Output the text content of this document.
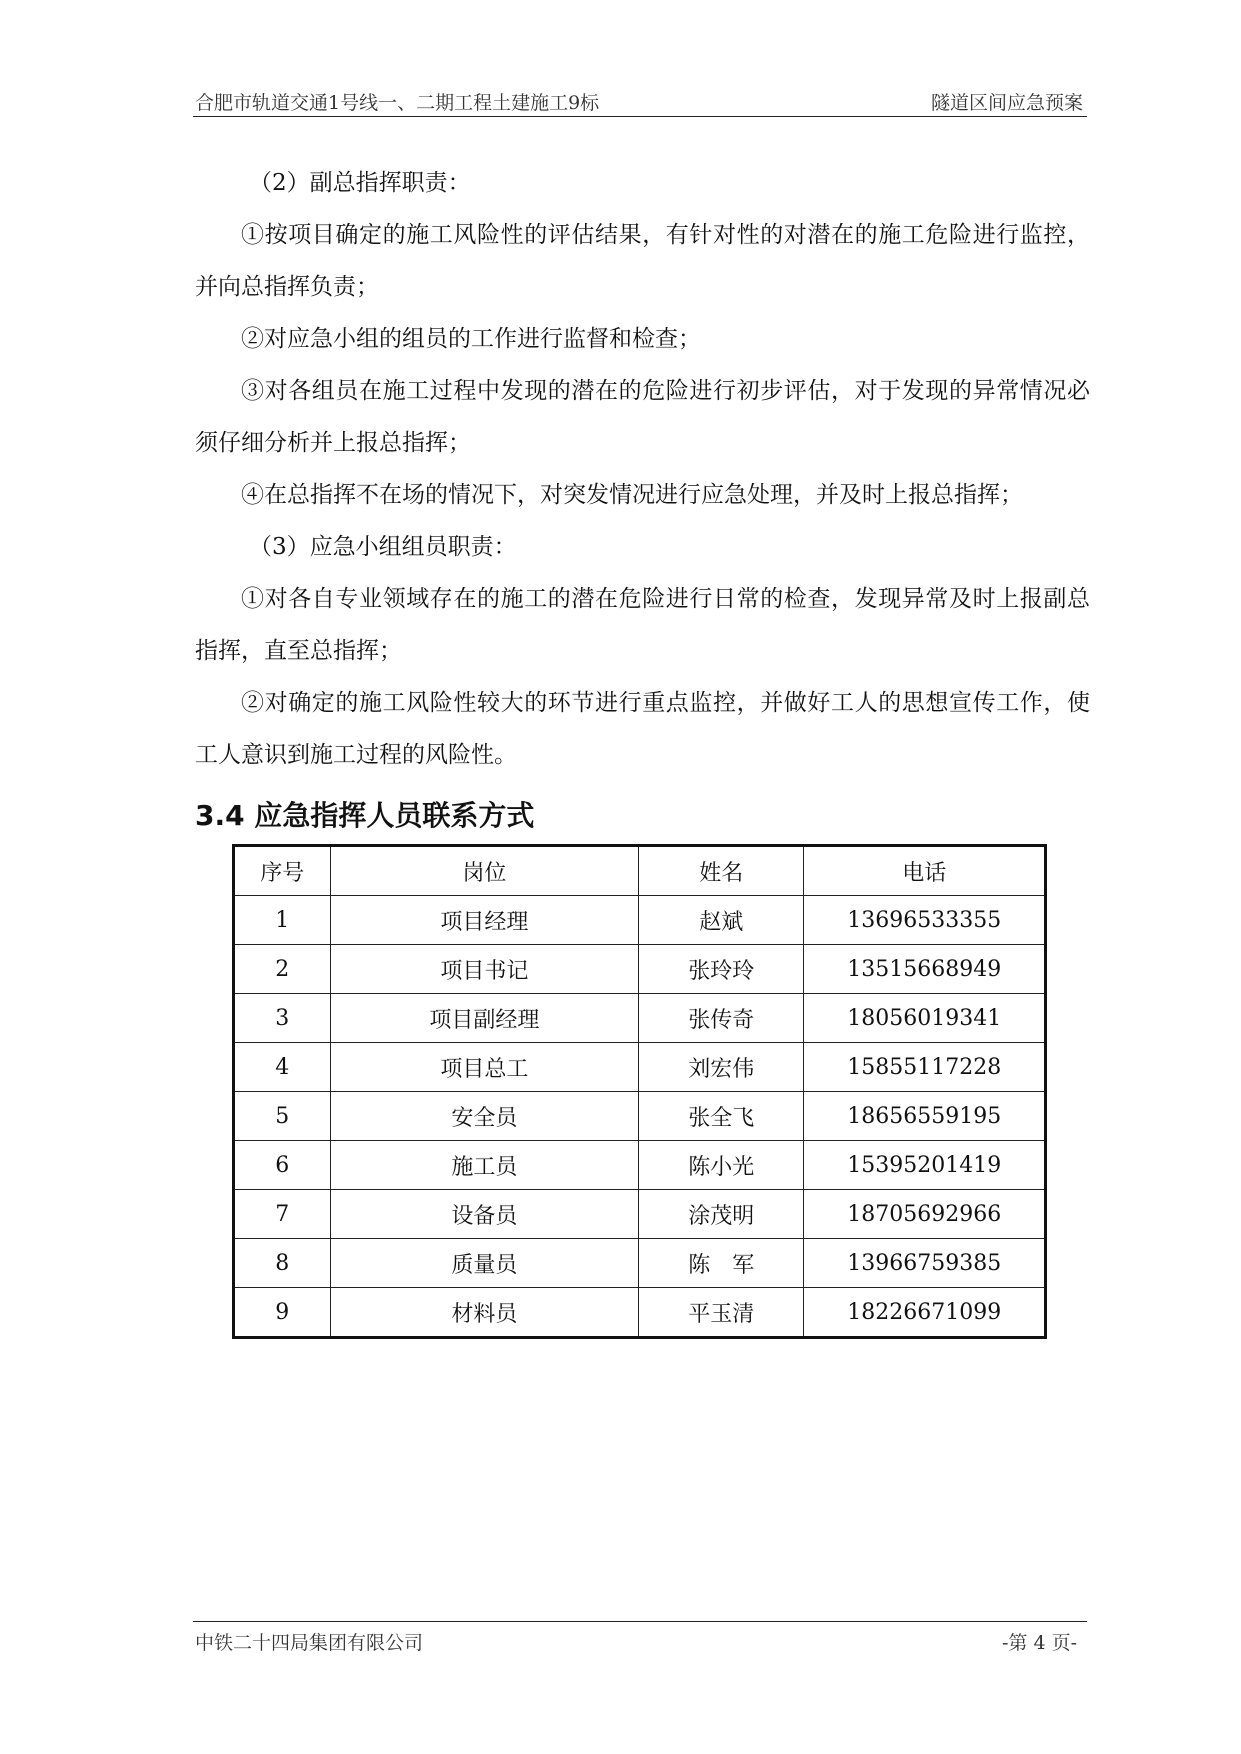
合肥市轨道交通1号线一、二期工程土建施工9标	隧道区间应急预案

（2）副总指挥职责：

①按项目确定的施工风险性的评估结果，有针对性的对潜在的施工危险进行监控，并向总指挥负责；

②对应急小组的组员的工作进行监督和检查；

③对各组员在施工过程中发现的潜在的危险进行初步评估，对于发现的异常情况必须仔细分析并上报总指挥；

④在总指挥不在场的情况下，对突发情况进行应急处理，并及时上报总指挥；

（3）应急小组组员职责：

①对各自专业领域存在的施工的潜在危险进行日常的检查，发现异常及时上报副总指挥，直至总指挥；

②对确定的施工风险性较大的环节进行重点监控，并做好工人的思想宣传工作，使工人意识到施工过程的风险性。

3.4 应急指挥人员联系方式
序号	岗位	姓名	电话
1	项目经理	赵斌	13696533355
2	项目书记	张玲玲	13515668949
3	项目副经理	张传奇	18056019341
4	项目总工	刘宏伟	15855117228
5	安全员	张全飞	18656559195
6	施工员	陈小光	15395201419
7	设备员	涂茂明	18705692966
8	质量员	陈　军	13966759385
9	材料员	平玉清	18226671099
中铁二十四局集团有限公司	-第 4 页-
